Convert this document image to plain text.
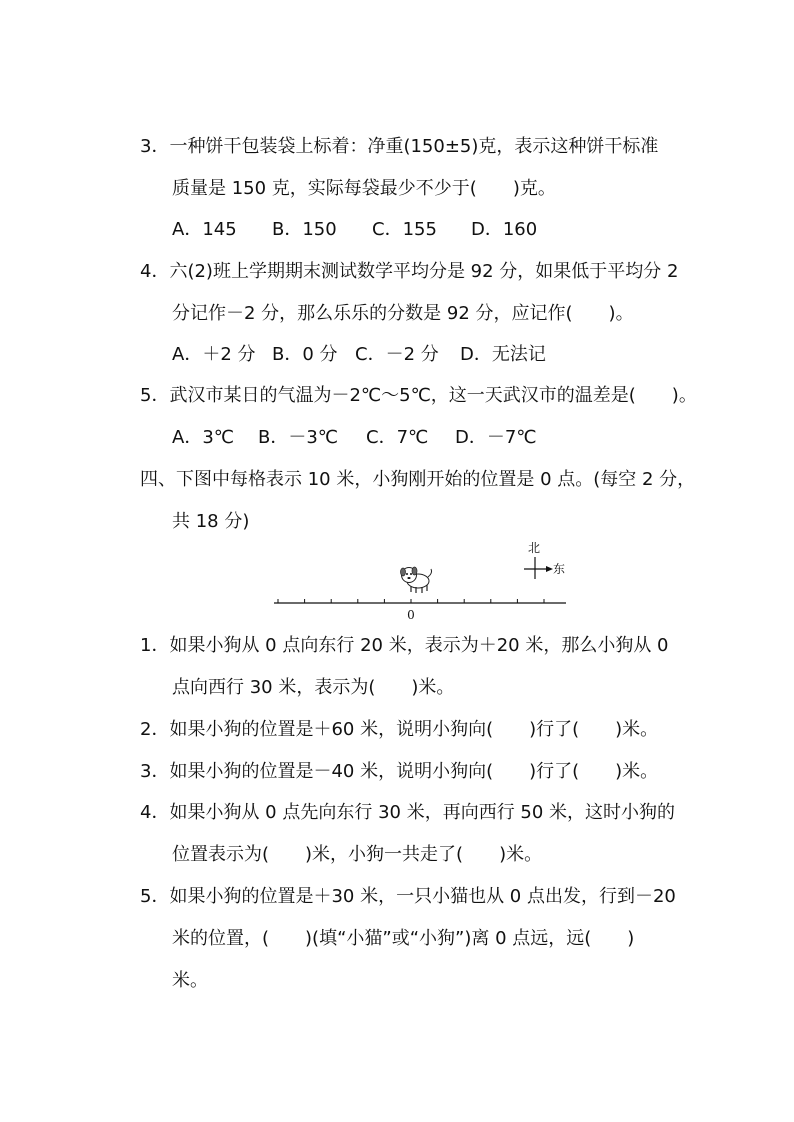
3．一种饼干包装袋上标着：净重(150±5)克，表示这种饼干标准
质量是 150 克，实际每袋最少不少于(　　)克。
A．145 B．150 C．155 D．160
4．六(2)班上学期期末测试数学平均分是 92 分，如果低于平均分 2
分记作－2 分，那么乐乐的分数是 92 分，应记作(　　)。
A．＋2 分 B．0 分 C．－2 分 D．无法记
5．武汉市某日的气温为－2℃～5℃，这一天武汉市的温差是(　　)。
A．3℃ B．－3℃ C．7℃ D．－7℃
四、下图中每格表示 10 米，小狗刚开始的位置是 0 点。(每空 2 分，
共 18 分)
北
东
0
1．如果小狗从 0 点向东行 20 米，表示为＋20 米，那么小狗从 0
点向西行 30 米，表示为(　　)米。
2．如果小狗的位置是＋60 米，说明小狗向(　　)行了(　　)米。
3．如果小狗的位置是－40 米，说明小狗向(　　)行了(　　)米。
4．如果小狗从 0 点先向东行 30 米，再向西行 50 米，这时小狗的
位置表示为(　　)米，小狗一共走了(　　)米。
5．如果小狗的位置是＋30 米，一只小猫也从 0 点出发，行到－20
米的位置，(　　)(填“小猫”或“小狗”)离 0 点远，远(　　)
米。
